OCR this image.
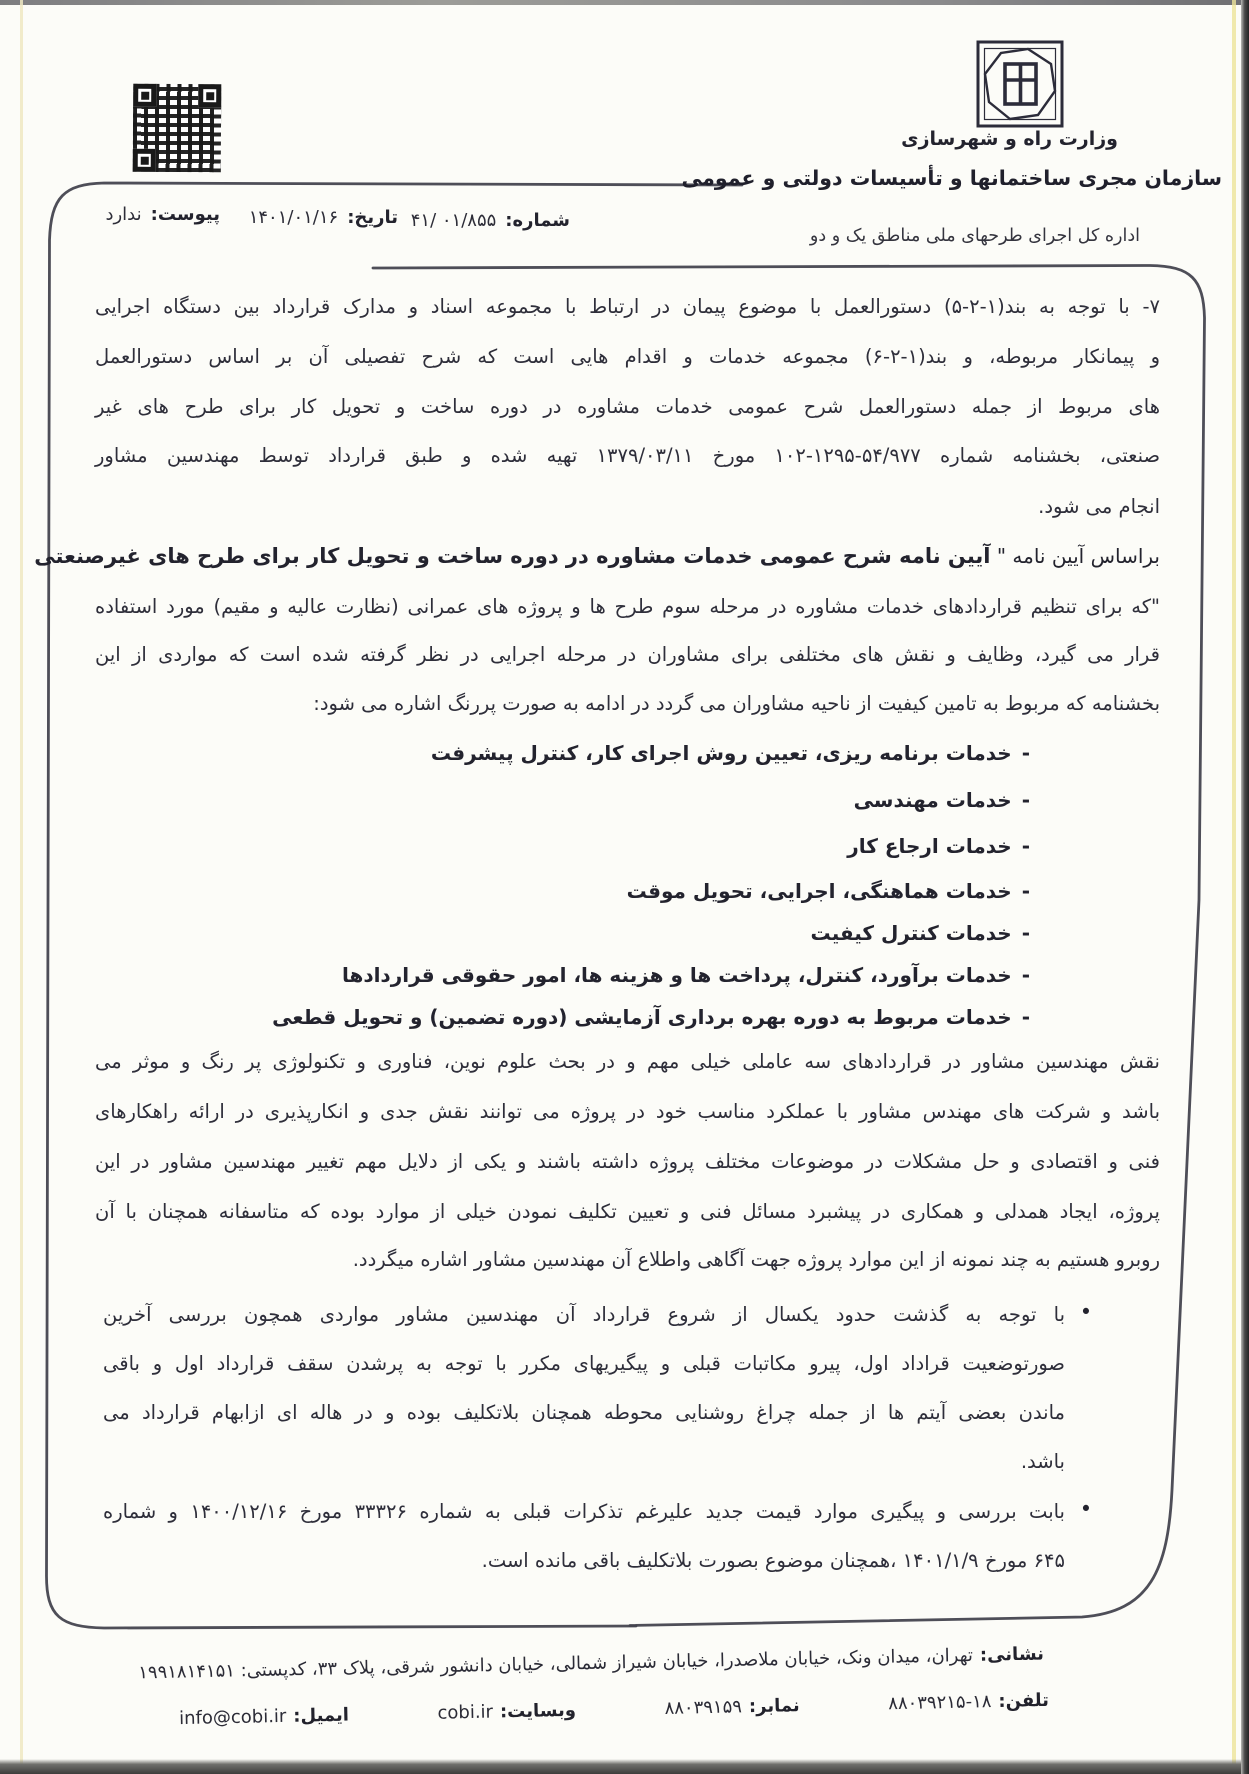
وزارت راه و شهرسازی
سازمان مجری ساختمانها و تأسیسات دولتی و عمومی
اداره کل اجرای طرحهای ملی مناطق یک و دو
شماره:۰۱/۸۵۵ /۴۱
تاریخ:۱۴۰۱/۰۱/۱۶
پیوست:ندارد
۷- با توجه به بند(۱-۲-۵) دستورالعمل با موضوع پیمان در ارتباط با مجموعه اسناد و مدارک قرارداد بین دستگاه اجرایی
و پیمانکار مربوطه، و بند(۱-۲-۶) مجموعه خدمات و اقدام هایی است که شرح تفصیلی آن بر اساس دستورالعمل
های مربوط از جمله دستورالعمل شرح عمومی خدمات مشاوره در دوره ساخت و تحویل کار برای طرح های غیر
صنعتی، بخشنامه شماره ۵۴/۹۷۷-۱۲۹۵-۱۰۲ مورخ ۱۳۷۹/۰۳/۱۱ تهیه شده و طبق قرارداد توسط مهندسین مشاور
انجام می شود.
براساس آیین نامه " آیین نامه شرح عمومی خدمات مشاوره در دوره ساخت و تحویل کار برای طرح های غیرصنعتی
"که برای تنظیم قراردادهای خدمات مشاوره در مرحله سوم طرح ها و پروژه های عمرانی (نظارت عالیه و مقیم) مورد استفاده
قرار می گیرد، وظایف و نقش های مختلفی برای مشاوران در مرحله اجرایی در نظر گرفته شده است که مواردی از این
بخشنامه که مربوط به تامین کیفیت از ناحیه مشاوران می گردد در ادامه به صورت پررنگ اشاره می شود:
-خدمات برنامه ریزی، تعیین روش اجرای کار، کنترل پیشرفت
-خدمات مهندسی
-خدمات ارجاع کار
-خدمات هماهنگی، اجرایی، تحویل موقت
-خدمات کنترل کیفیت
-خدمات برآورد، کنترل، پرداخت ها و هزینه ها، امور حقوقی قراردادها
-خدمات مربوط به دوره بهره برداری آزمایشی (دوره تضمین) و تحویل قطعی
نقش مهندسین مشاور در قراردادهای سه عاملی خیلی مهم و در بحث علوم نوین، فناوری و تکنولوژی پر رنگ و موثر می
باشد و شرکت های مهندس مشاور با عملکرد مناسب خود در پروژه می توانند نقش جدی و انکارپذیری در ارائه راهکارهای
فنی و اقتصادی و حل مشکلات در موضوعات مختلف پروژه داشته باشند و یکی از دلایل مهم تغییر مهندسین مشاور در این
پروژه، ایجاد همدلی و همکاری در پیشبرد مسائل فنی و تعیین تکلیف نمودن خیلی از موارد بوده که متاسفانه همچنان با آن
روبرو هستیم به چند نمونه از این موارد پروژه جهت آگاهی واطلاع آن مهندسین مشاور اشاره میگردد.
•
با توجه به گذشت حدود یکسال از شروع قرارداد آن مهندسین مشاور مواردی همچون بررسی آخرین
صورتوضعیت قراداد اول، پیرو مکاتبات قبلی و پیگیریهای مکرر با توجه به پرشدن سقف قرارداد اول و باقی
ماندن بعضی آیتم ها از جمله چراغ روشنایی محوطه همچنان بلاتکلیف بوده و در هاله ای ازابهام قرارداد می
باشد.
•
بابت بررسی و پیگیری موارد قیمت جدید علیرغم تذکرات قبلی به شماره ۳۳۳۲۶ مورخ ۱۴۰۰/۱۲/۱۶ و شماره
۶۴۵ مورخ ۱۴۰۱/۱/۹ ،همچنان موضوع بصورت بلاتکلیف باقی مانده است.
نشانی:تهران، میدان ونک، خیابان ملاصدرا، خیابان شیراز شمالی، خیابان دانشور شرقی، پلاک ۳۳، کدپستی: ۱۹۹۱۸۱۴۱۵۱
تلفن:۱۸-۸۸۰۳۹۲۱۵
نمابر:۸۸۰۳۹۱۵۹
وبسایت:cobi.ir
ایمیل:info@cobi.ir
